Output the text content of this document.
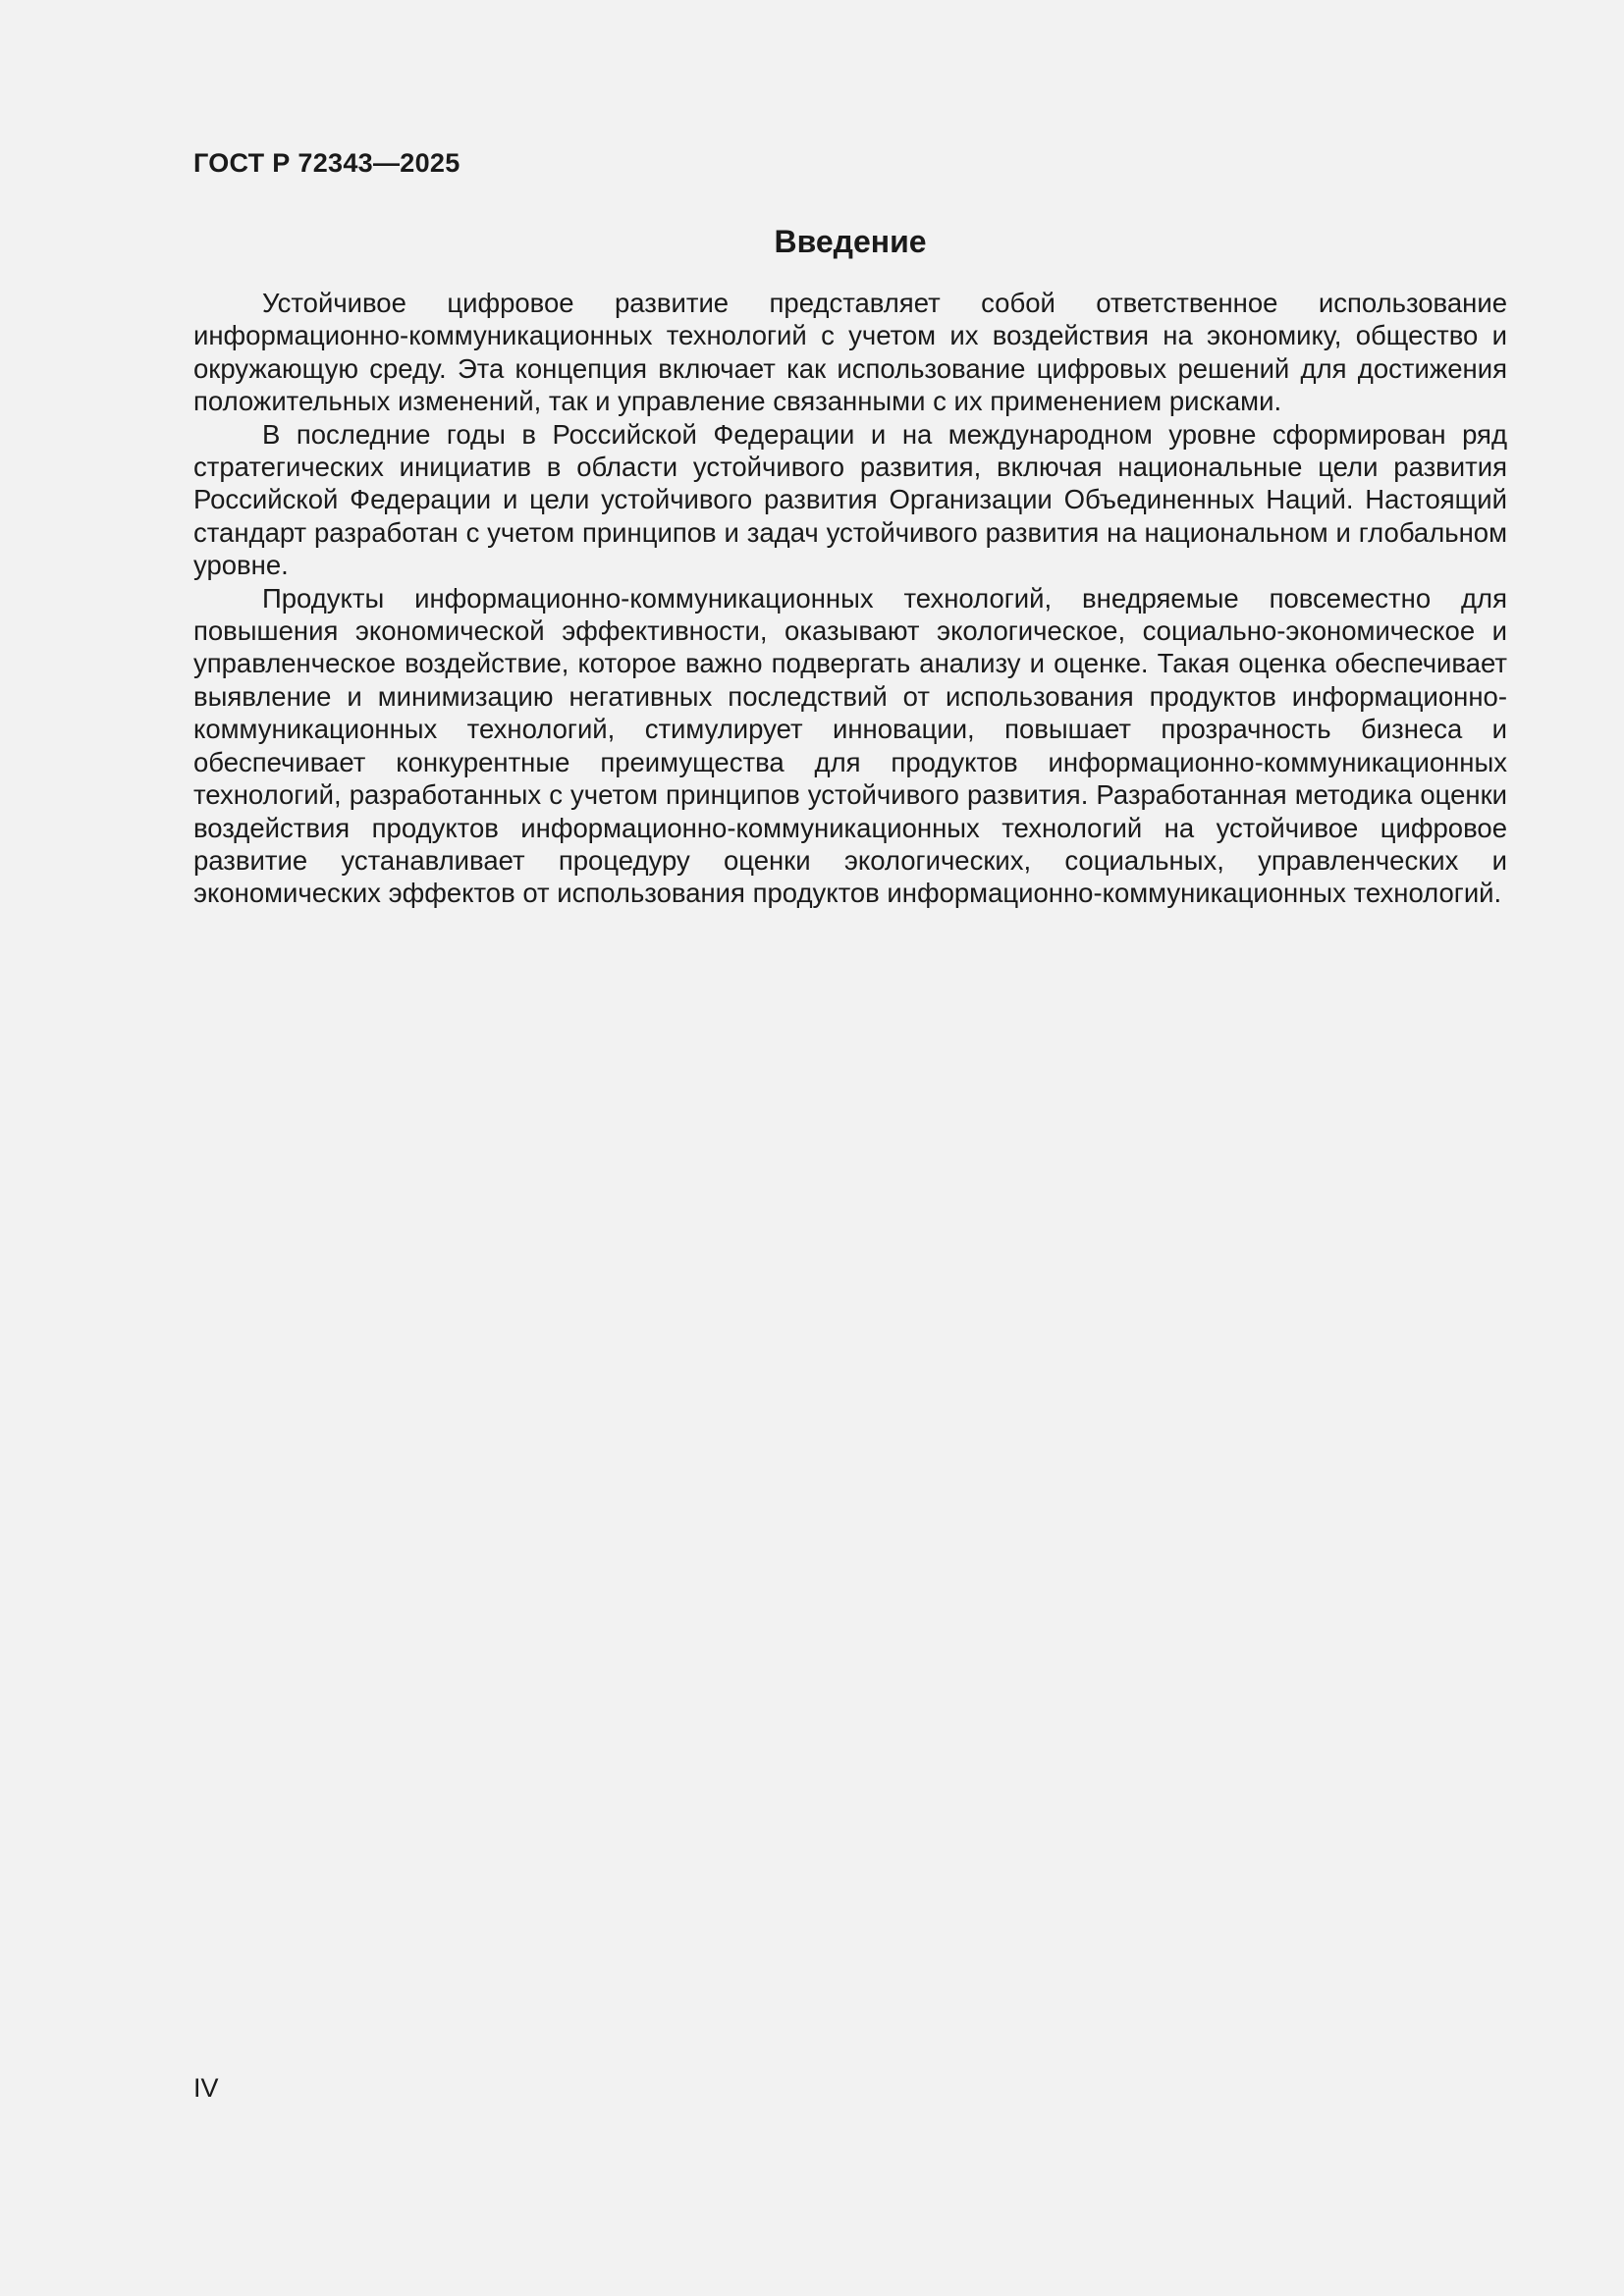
ГОСТ Р 72343—2025
Введение

Устойчивое цифровое развитие представляет собой ответственное использование информационно-коммуникационных технологий с учетом их воздействия на экономику, общество и окружающую среду. Эта концепция включает как использование цифровых решений для достижения положительных изменений, так и управление связанными с их применением рисками.

В последние годы в Российской Федерации и на международном уровне сформирован ряд стратегических инициатив в области устойчивого развития, включая национальные цели развития Российской Федерации и цели устойчивого развития Организации Объединенных Наций. Настоящий стандарт разработан с учетом принципов и задач устойчивого развития на национальном и глобальном уровне.

Продукты информационно-коммуникационных технологий, внедряемые повсеместно для повышения экономической эффективности, оказывают экологическое, социально-экономическое и управленческое воздействие, которое важно подвергать анализу и оценке. Такая оценка обеспечивает выявление и минимизацию негативных последствий от использования продуктов информационно-коммуникационных технологий, стимулирует инновации, повышает прозрачность бизнеса и обеспечивает конкурентные преимущества для продуктов информационно-коммуникационных технологий, разработанных с учетом принципов устойчивого развития. Разработанная методика оценки воздействия продуктов информационно-коммуникационных технологий на устойчивое цифровое развитие устанавливает процедуру оценки экологических, социальных, управленческих и экономических эффектов от использования продуктов информационно-коммуникационных технологий.

IV
